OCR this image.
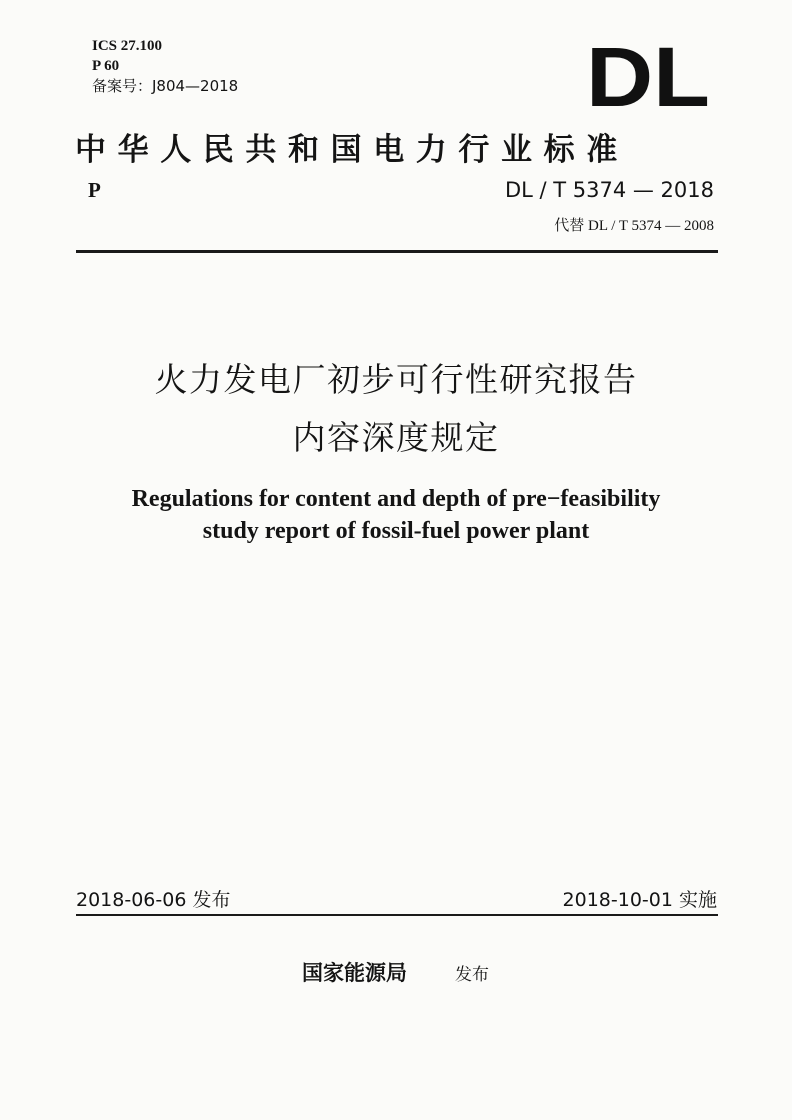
ICS 27.100
P 60
备案号：J804—2018	DL
中华人民共和国电力行业标准
P	DL / T 5374 — 2018
代替 DL / T 5374 — 2008
火力发电厂初步可行性研究报告
内容深度规定
Regulations for content and depth of pre−feasibility
study report of fossil-fuel power plant
2018-06-06 发布	2018-10-01 实施
国家能源局	发布
